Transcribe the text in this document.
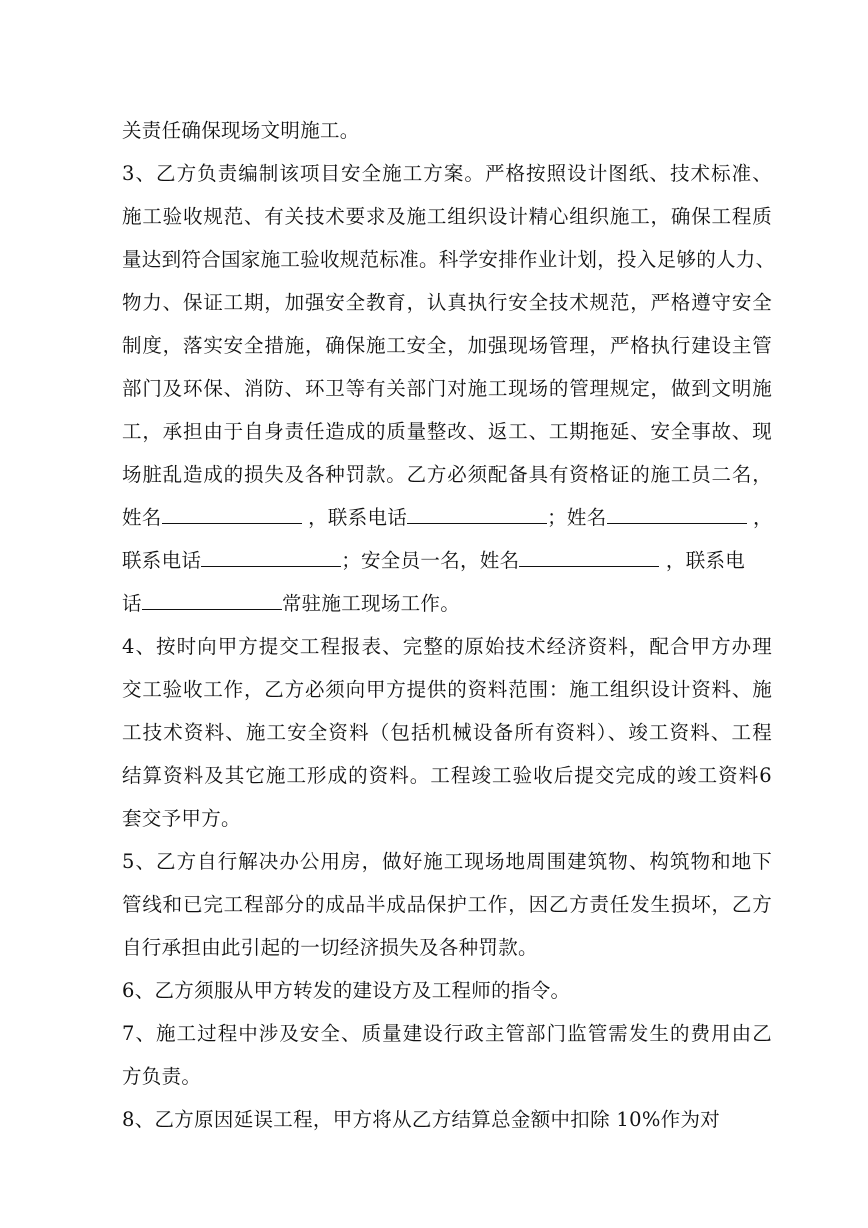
关责任确保现场文明施工。
3、乙方负责编制该项目安全施工方案。严格按照设计图纸、技术标准、
施工验收规范、有关技术要求及施工组织设计精心组织施工，确保工程质
量达到符合国家施工验收规范标准。科学安排作业计划，投入足够的人力、
物力、保证工期，加强安全教育，认真执行安全技术规范，严格遵守安全
制度，落实安全措施，确保施工安全，加强现场管理，严格执行建设主管
部门及环保、消防、环卫等有关部门对施工现场的管理规定，做到文明施
工，承担由于自身责任造成的质量整改、返工、工期拖延、安全事故、现
场脏乱造成的损失及各种罚款。乙方必须配备具有资格证的施工员二名，
姓名	，联系电话	；姓名	，
联系电话	；安全员一名，姓名	，联系电
话	常驻施工现场工作。
4、按时向甲方提交工程报表、完整的原始技术经济资料，配合甲方办理
交工验收工作，乙方必须向甲方提供的资料范围：施工组织设计资料、施
工技术资料、施工安全资料（包括机械设备所有资料）、竣工资料、工程
结算资料及其它施工形成的资料。工程竣工验收后提交完成的竣工资料6
套交予甲方。
5、乙方自行解决办公用房，做好施工现场地周围建筑物、构筑物和地下
管线和已完工程部分的成品半成品保护工作，因乙方责任发生损坏，乙方
自行承担由此引起的一切经济损失及各种罚款。
6、乙方须服从甲方转发的建设方及工程师的指令。
7、施工过程中涉及安全、质量建设行政主管部门监管需发生的费用由乙
方负责。
8、乙方原因延误工程，甲方将从乙方结算总金额中扣除 10%作为对
